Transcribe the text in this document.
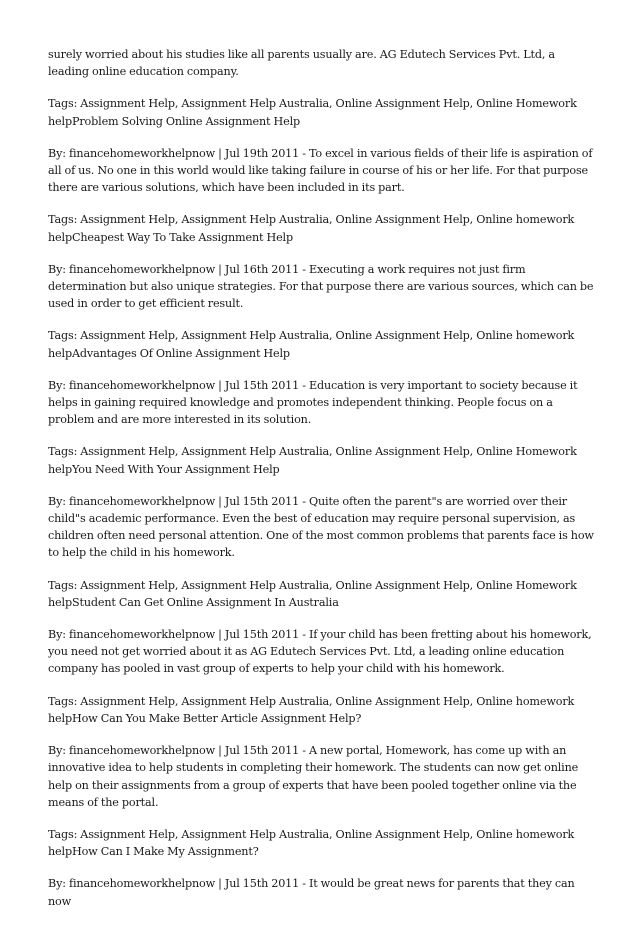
surely worried about his studies like all parents usually are. AG Edutech Services Pvt. Ltd, a leading online education company.

Tags: Assignment Help, Assignment Help Australia, Online Assignment Help, Online Homework helpProblem Solving Online Assignment Help

By: financehomeworkhelpnow | Jul 19th 2011 - To excel in various fields of their life is aspiration of all of us. No one in this world would like taking failure in course of his or her life. For that purpose there are various solutions, which have been included in its part.

Tags: Assignment Help, Assignment Help Australia, Online Assignment Help, Online homework helpCheapest Way To Take Assignment Help

By: financehomeworkhelpnow | Jul 16th 2011 - Executing a work requires not just firm determination but also unique strategies. For that purpose there are various sources, which can be used in order to get efficient result.

Tags: Assignment Help, Assignment Help Australia, Online Assignment Help, Online homework helpAdvantages Of Online Assignment Help

By: financehomeworkhelpnow | Jul 15th 2011 - Education is very important to society because it helps in gaining required knowledge and promotes independent thinking. People focus on a problem and are more interested in its solution.

Tags: Assignment Help, Assignment Help Australia, Online Assignment Help, Online Homework helpYou Need With Your Assignment Help

By: financehomeworkhelpnow | Jul 15th 2011 - Quite often the parent"s are worried over their child"s academic performance. Even the best of education may require personal supervision, as children often need personal attention. One of the most common problems that parents face is how to help the child in his homework.

Tags: Assignment Help, Assignment Help Australia, Online Assignment Help, Online Homework helpStudent Can Get Online Assignment In Australia

By: financehomeworkhelpnow | Jul 15th 2011 - If your child has been fretting about his homework, you need not get worried about it as AG Edutech Services Pvt. Ltd, a leading online education company has pooled in vast group of experts to help your child with his homework.

Tags: Assignment Help, Assignment Help Australia, Online Assignment Help, Online homework helpHow Can You Make Better Article Assignment Help?

By: financehomeworkhelpnow | Jul 15th 2011 - A new portal, Homework, has come up with an innovative idea to help students in completing their homework. The students can now get online help on their assignments from a group of experts that have been pooled together online via the means of the portal.

Tags: Assignment Help, Assignment Help Australia, Online Assignment Help, Online homework helpHow Can I Make My Assignment?

By: financehomeworkhelpnow | Jul 15th 2011 - It would be great news for parents that they can now
